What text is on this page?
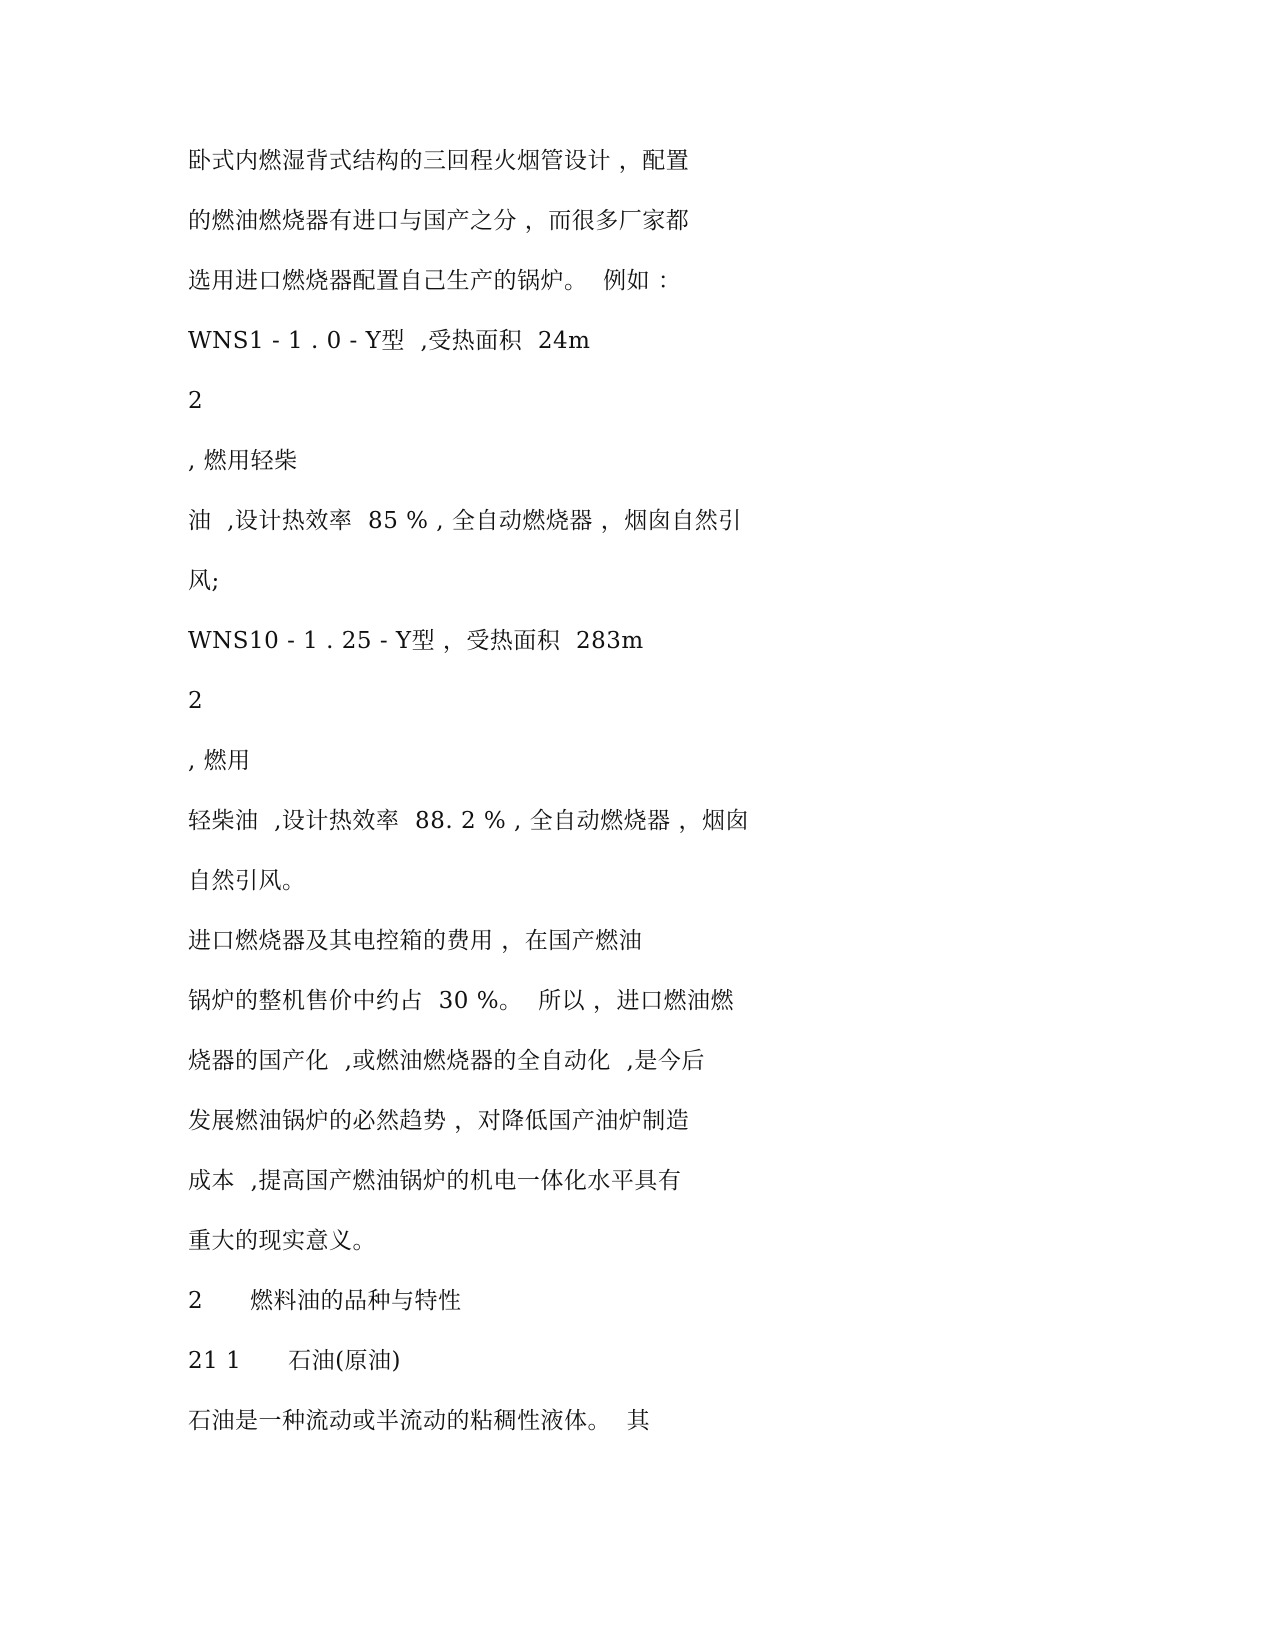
卧式内燃湿背式结构的三回程火烟管设计 ，配置
的燃油燃烧器有进口与国产之分 ，而很多厂家都
选用进口燃烧器配置自己生产的锅炉。  例如 ：
WNS1 - 1 . 0 - Y型  ,受热面积  24m
2
, 燃用轻柴
油  ,设计热效率  85 % , 全自动燃烧器 ，烟囱自然引
风;
WNS10 - 1 . 25 - Y型 ，受热面积  283m
2
, 燃用
轻柴油  ,设计热效率  88. 2 % , 全自动燃烧器 ，烟囱
自然引风。
进口燃烧器及其电控箱的费用 ，在国产燃油
锅炉的整机售价中约占  30 %。  所以 ，进口燃油燃
烧器的国产化  ,或燃油燃烧器的全自动化  ,是今后
发展燃油锅炉的必然趋势 ，对降低国产油炉制造
成本  ,提高国产燃油锅炉的机电一体化水平具有
重大的现实意义。
2      燃料油的品种与特性
21 1      石油(原油)
石油是一种流动或半流动的粘稠性液体。  其
